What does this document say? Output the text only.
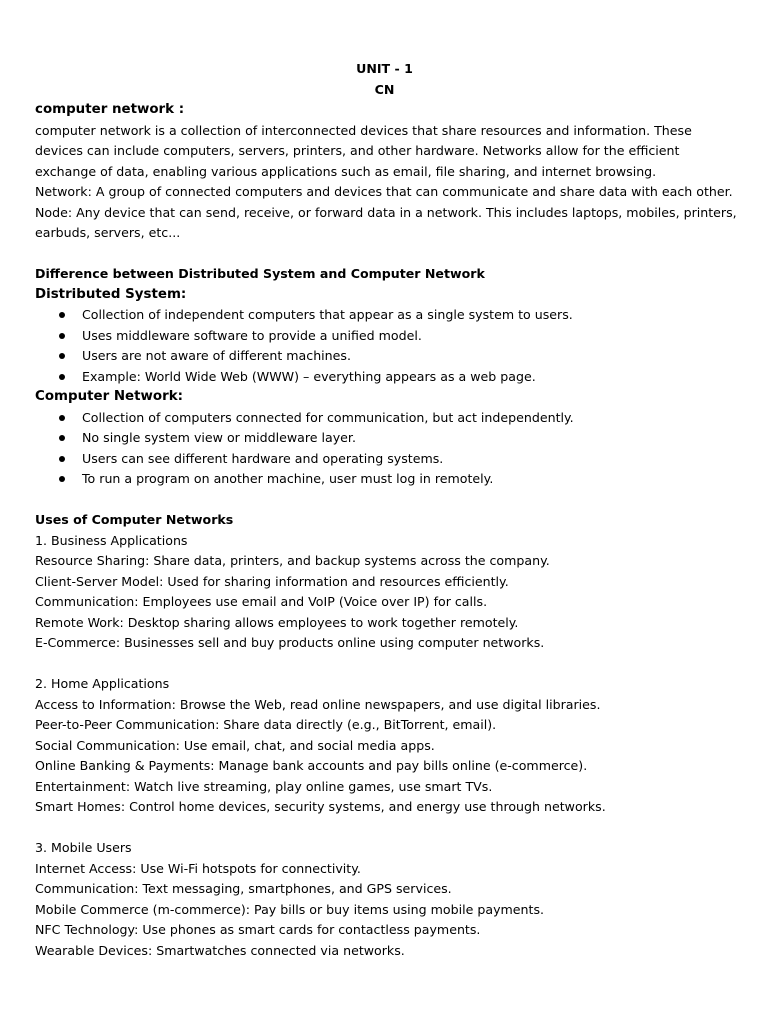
UNIT - 1
CN
computer network :
computer network is a collection of interconnected devices that share resources and information. These
devices can include computers, servers, printers, and other hardware. Networks allow for the efficient
exchange of data, enabling various applications such as email, file sharing, and internet browsing.
Network: A group of connected computers and devices that can communicate and share data with each other.
Node: Any device that can send, receive, or forward data in a network. This includes laptops, mobiles, printers,
earbuds, servers, etc...
Difference between Distributed System and Computer Network
Distributed System:
Collection of independent computers that appear as a single system to users.
Uses middleware software to provide a unified model.
Users are not aware of different machines.
Example: World Wide Web (WWW) – everything appears as a web page.
Computer Network:
Collection of computers connected for communication, but act independently.
No single system view or middleware layer.
Users can see different hardware and operating systems.
To run a program on another machine, user must log in remotely.
Uses of Computer Networks
1. Business Applications
Resource Sharing: Share data, printers, and backup systems across the company.
Client-Server Model: Used for sharing information and resources efficiently.
Communication: Employees use email and VoIP (Voice over IP) for calls.
Remote Work: Desktop sharing allows employees to work together remotely.
E-Commerce: Businesses sell and buy products online using computer networks.
2. Home Applications
Access to Information: Browse the Web, read online newspapers, and use digital libraries.
Peer-to-Peer Communication: Share data directly (e.g., BitTorrent, email).
Social Communication: Use email, chat, and social media apps.
Online Banking & Payments: Manage bank accounts and pay bills online (e-commerce).
Entertainment: Watch live streaming, play online games, use smart TVs.
Smart Homes: Control home devices, security systems, and energy use through networks.
3. Mobile Users
Internet Access: Use Wi-Fi hotspots for connectivity.
Communication: Text messaging, smartphones, and GPS services.
Mobile Commerce (m-commerce): Pay bills or buy items using mobile payments.
NFC Technology: Use phones as smart cards for contactless payments.
Wearable Devices: Smartwatches connected via networks.
